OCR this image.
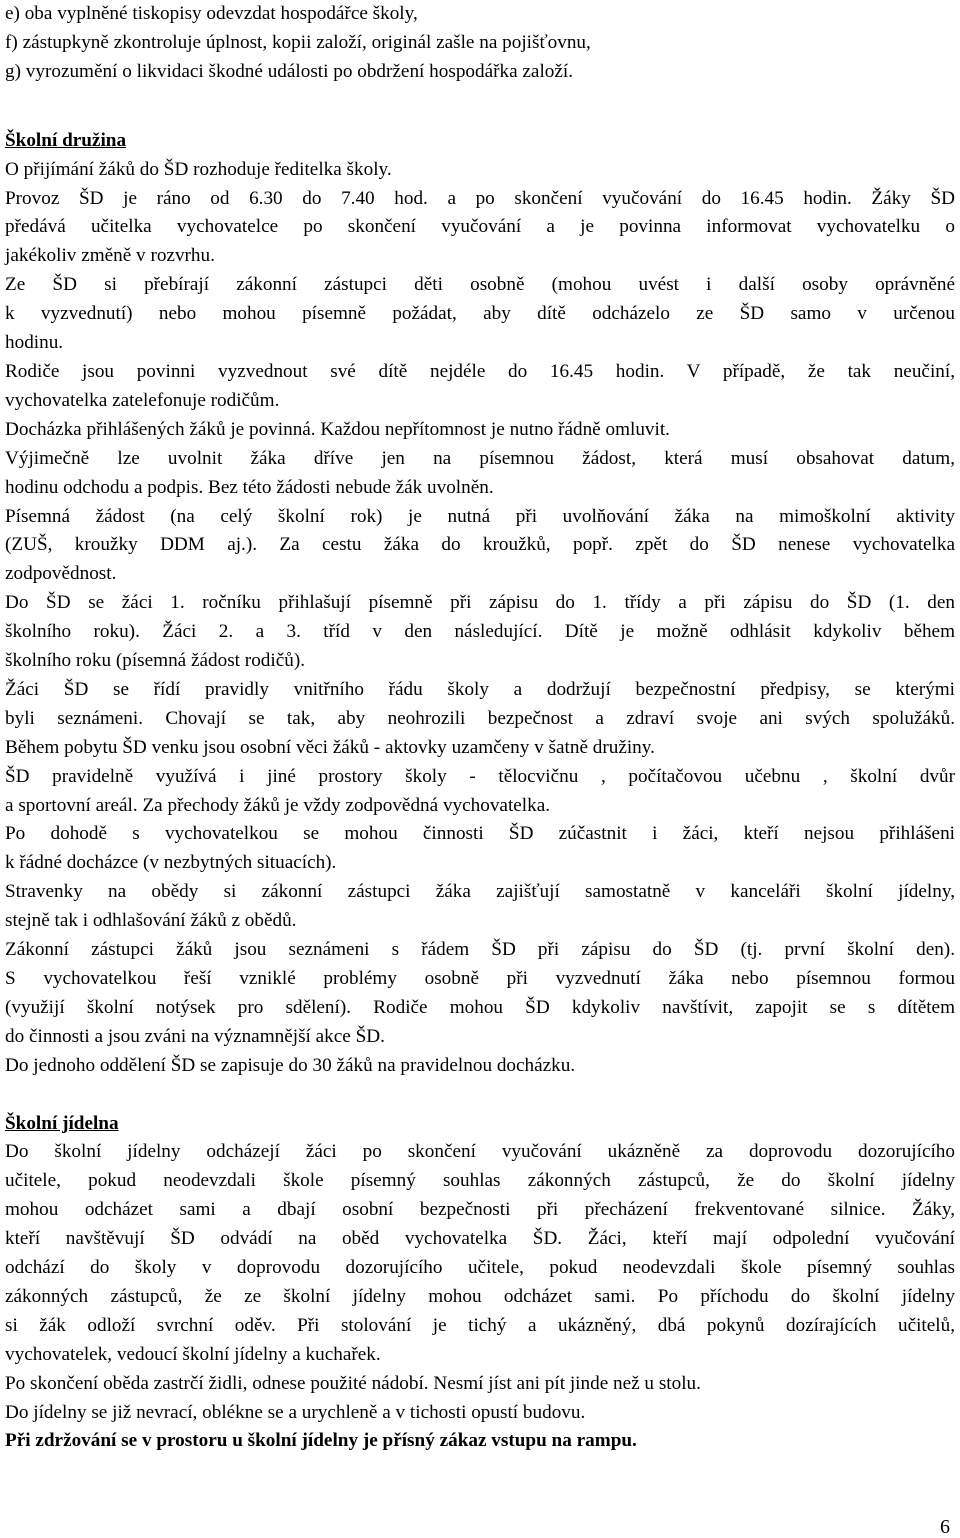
e) oba vyplněné tiskopisy odevzdat hospodářce školy,
f) zástupkyně zkontroluje úplnost, kopii založí, originál zašle na pojišťovnu,
g) vyrozumění o likvidaci škodné události po obdržení hospodářka založí.
Školní družina
O přijímání žáků do ŠD rozhoduje ředitelka školy.
Provoz ŠD je ráno od 6.30 do 7.40 hod. a po skončení vyučování do 16.45 hodin. Žáky ŠD
předává učitelka vychovatelce po skončení vyučování a je povinna informovat vychovatelku o
jakékoliv změně v rozvrhu.
Ze ŠD si přebírají zákonní zástupci děti osobně (mohou uvést i další osoby oprávněné
k vyzvednutí) nebo mohou písemně požádat, aby dítě odcházelo ze ŠD samo v určenou
hodinu.
Rodiče jsou povinni vyzvednout své dítě nejdéle do 16.45 hodin. V případě, že tak neučiní,
vychovatelka zatelefonuje rodičům.
Docházka přihlášených žáků je povinná. Každou nepřítomnost je nutno řádně omluvit.
Výjimečně lze uvolnit žáka dříve jen na písemnou žádost, která musí obsahovat datum,
hodinu odchodu a podpis. Bez této žádosti nebude žák uvolněn.
Písemná žádost (na celý školní rok) je nutná při uvolňování žáka na mimoškolní aktivity
(ZUŠ, kroužky DDM aj.). Za cestu žáka do kroužků, popř. zpět do ŠD nenese vychovatelka
zodpovědnost.
Do ŠD se žáci 1. ročníku přihlašují písemně při zápisu do 1. třídy a při zápisu do ŠD (1. den
školního roku). Žáci 2. a 3. tříd v den následující. Dítě je možně odhlásit kdykoliv během
školního roku (písemná žádost rodičů).
Žáci ŠD se řídí pravidly vnitřního řádu školy a dodržují bezpečnostní předpisy, se kterými
byli seznámeni. Chovají se tak, aby neohrozili bezpečnost a zdraví svoje ani svých spolužáků.
Během pobytu ŠD venku jsou osobní věci žáků - aktovky uzamčeny v šatně družiny.
ŠD pravidelně využívá i jiné prostory školy - tělocvičnu , počítačovou učebnu , školní dvůr
a sportovní areál. Za přechody žáků je vždy zodpovědná vychovatelka.
Po dohodě s vychovatelkou se mohou činnosti ŠD zúčastnit i žáci, kteří nejsou přihlášeni
k řádné docházce (v nezbytných situacích).
Stravenky na obědy si zákonní zástupci žáka zajišťují samostatně v kanceláři školní jídelny,
stejně tak i odhlašování žáků z obědů.
Zákonní zástupci žáků jsou seznámeni s řádem ŠD při zápisu do ŠD (tj. první školní den).
S vychovatelkou řeší vzniklé problémy osobně při vyzvednutí žáka nebo písemnou formou
(využijí školní notýsek pro sdělení). Rodiče mohou ŠD kdykoliv navštívit, zapojit se s dítětem
do činnosti a jsou zváni na významnější akce ŠD.
Do jednoho oddělení ŠD se zapisuje do 30 žáků na pravidelnou docházku.
Školní jídelna
Do školní jídelny odcházejí žáci po skončení vyučování ukázněně za doprovodu dozorujícího
učitele, pokud neodevzdali škole písemný souhlas zákonných zástupců, že do školní jídelny
mohou odcházet sami a dbají osobní bezpečnosti při přecházení frekventované silnice. Žáky,
kteří navštěvují ŠD odvádí na oběd vychovatelka ŠD. Žáci, kteří mají odpolední vyučování
odchází do školy v doprovodu dozorujícího učitele, pokud neodevzdali škole písemný souhlas
zákonných zástupců, že ze školní jídelny mohou odcházet sami. Po příchodu do školní jídelny
si žák odloží svrchní oděv. Při stolování je tichý a ukázněný, dbá pokynů dozírajících učitelů,
vychovatelek, vedoucí školní jídelny a kuchařek.
Po skončení oběda zastrčí židli, odnese použité nádobí. Nesmí jíst ani pít jinde než u stolu.
Do jídelny se již nevrací, oblékne se a urychleně a v tichosti opustí budovu.
Při zdržování se v prostoru u školní jídelny je přísný zákaz vstupu na rampu.
6
